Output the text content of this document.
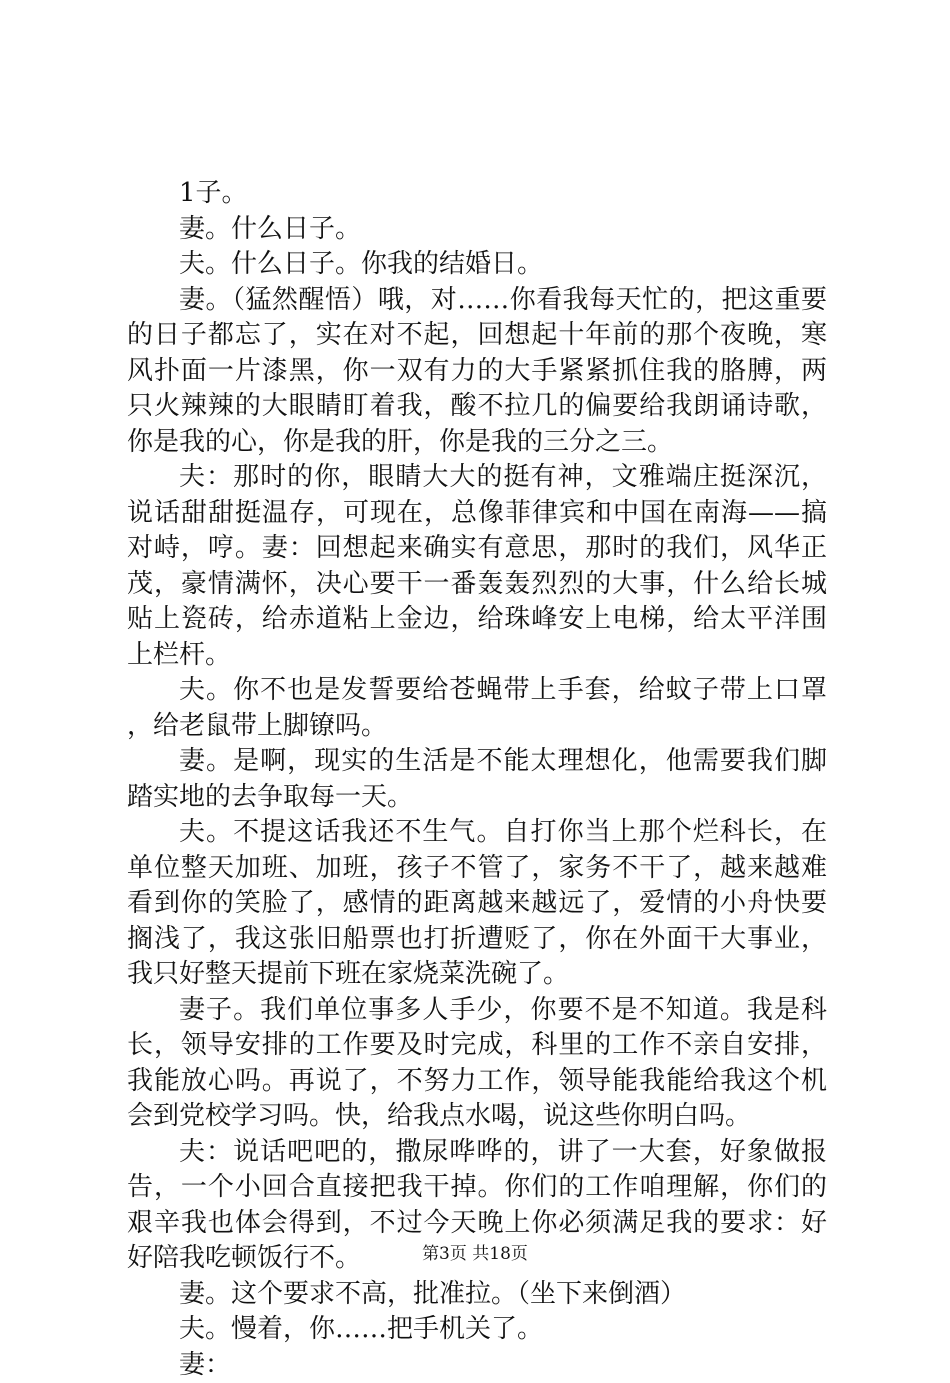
1子。

妻。什么日子。

夫。什么日子。你我的结婚日。

妻。（猛然醒悟）哦，对……你看我每天忙的，把这重要的日子都忘了，实在对不起，回想起十年前的那个夜晚，寒风扑面一片漆黑，你一双有力的大手紧紧抓住我的胳膊，两只火辣辣的大眼睛盯着我，酸不拉几的偏要给我朗诵诗歌，你是我的心，你是我的肝，你是我的三分之三。

夫：那时的你，眼睛大大的挺有神，文雅端庄挺深沉，说话甜甜挺温存，可现在，总像菲律宾和中国在南海——搞对峙，哼。妻：回想起来确实有意思，那时的我们，风华正茂，豪情满怀，决心要干一番轰轰烈烈的大事，什么给长城贴上瓷砖，给赤道粘上金边，给珠峰安上电梯，给太平洋围上栏杆。

夫。你不也是发誓要给苍蝇带上手套，给蚊子带上口罩，给老鼠带上脚镣吗。

妻。是啊，现实的生活是不能太理想化，他需要我们脚踏实地的去争取每一天。

夫。不提这话我还不生气。自打你当上那个烂科长，在单位整天加班、加班，孩子不管了，家务不干了，越来越难看到你的笑脸了，感情的距离越来越远了，爱情的小舟快要搁浅了，我这张旧船票也打折遭贬了，你在外面干大事业，我只好整天提前下班在家烧菜洗碗了。

妻子。我们单位事多人手少，你要不是不知道。我是科长，领导安排的工作要及时完成，科里的工作不亲自安排，我能放心吗。再说了，不努力工作，领导能我能给我这个机会到党校学习吗。快，给我点水喝，说这些你明白吗。

夫：说话吧吧的，撒尿哗哗的，讲了一大套，好象做报告，一个小回合直接把我干掉。你们的工作咱理解，你们的艰辛我也体会得到，不过今天晚上你必须满足我的要求：好好陪我吃顿饭行不。

妻。这个要求不高，批准拉。（坐下来倒酒）

夫。慢着，你……把手机关了。

妻：

第3页 共18页
